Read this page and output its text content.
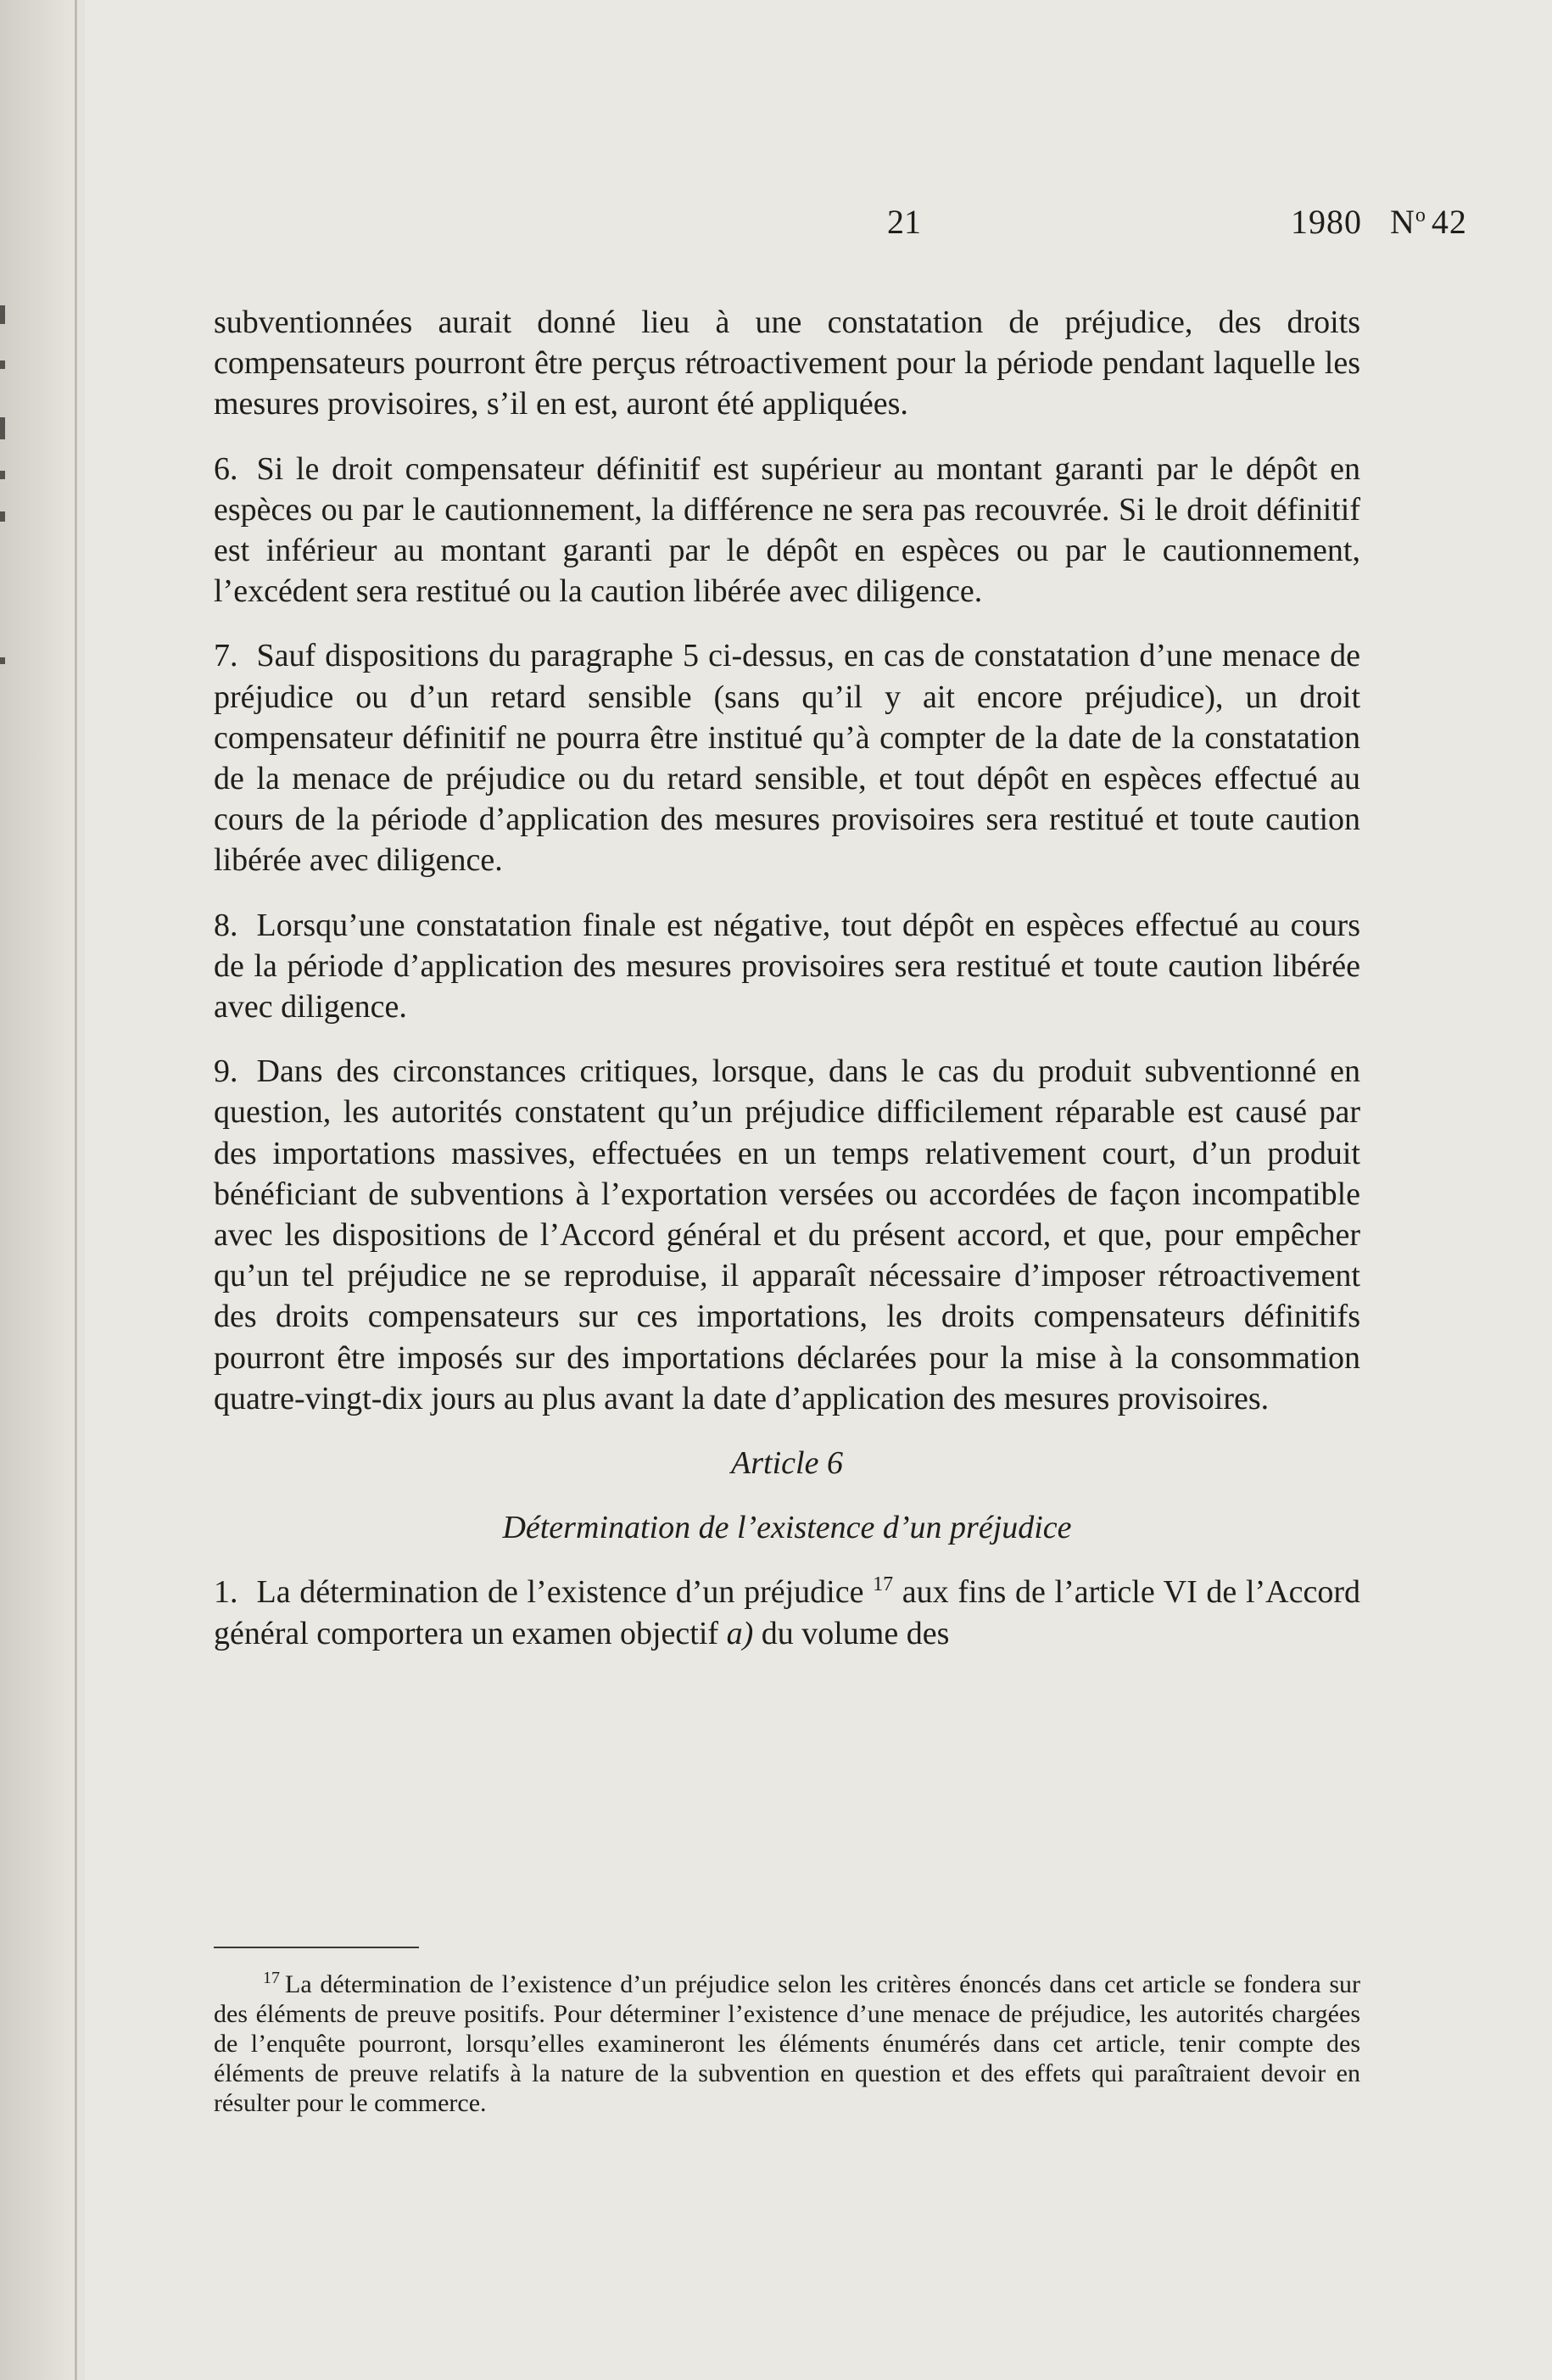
21	1980 $N^o$ 42

subventionnées aurait donné lieu à une constatation de préjudice, des droits compensateurs pourront être perçus rétroactivement pour la période pendant laquelle les mesures provisoires, s’il en est, auront été appliquées.

6. Si le droit compensateur définitif est supérieur au montant garanti par le dépôt en espèces ou par le cautionnement, la différence ne sera pas recouvrée. Si le droit définitif est inférieur au montant garanti par le dépôt en espèces ou par le cautionnement, l’excédent sera restitué ou la caution libérée avec diligence.

7. Sauf dispositions du paragraphe 5 ci-dessus, en cas de constatation d’une menace de préjudice ou d’un retard sensible (sans qu’il y ait encore préjudice), un droit compensateur définitif ne pourra être institué qu’à compter de la date de la constatation de la menace de préjudice ou du retard sensible, et tout dépôt en espèces effectué au cours de la période d’application des mesures provisoires sera restitué et toute caution libérée avec diligence.

8. Lorsqu’une constatation finale est négative, tout dépôt en espèces effectué au cours de la période d’application des mesures provisoires sera restitué et toute caution libérée avec diligence.

9. Dans des circonstances critiques, lorsque, dans le cas du produit subventionné en question, les autorités constatent qu’un préjudice difficilement réparable est causé par des importations massives, effectuées en un temps relativement court, d’un produit bénéficiant de subventions à l’exportation versées ou accordées de façon incompatible avec les dispositions de l’Accord général et du présent accord, et que, pour empêcher qu’un tel préjudice ne se reproduise, il apparaît nécessaire d’imposer rétroactivement des droits compensateurs sur ces importations, les droits compensateurs définitifs pourront être imposés sur des importations déclarées pour la mise à la consommation quatre-vingt-dix jours au plus avant la date d’application des mesures provisoires.

Article 6

Détermination de l’existence d’un préjudice

1. La détermination de l’existence d’un préjudice $^{17}$ aux fins de l’article VI de l’Accord général comportera un examen objectif a) du volume des

$^{17}$ La détermination de l’existence d’un préjudice selon les critères énoncés dans cet article se fondera sur des éléments de preuve positifs. Pour déterminer l’existence d’une menace de préjudice, les autorités chargées de l’enquête pourront, lorsqu’elles examineront les éléments énumérés dans cet article, tenir compte des éléments de preuve relatifs à la nature de la subvention en question et des effets qui paraîtraient devoir en résulter pour le commerce.
